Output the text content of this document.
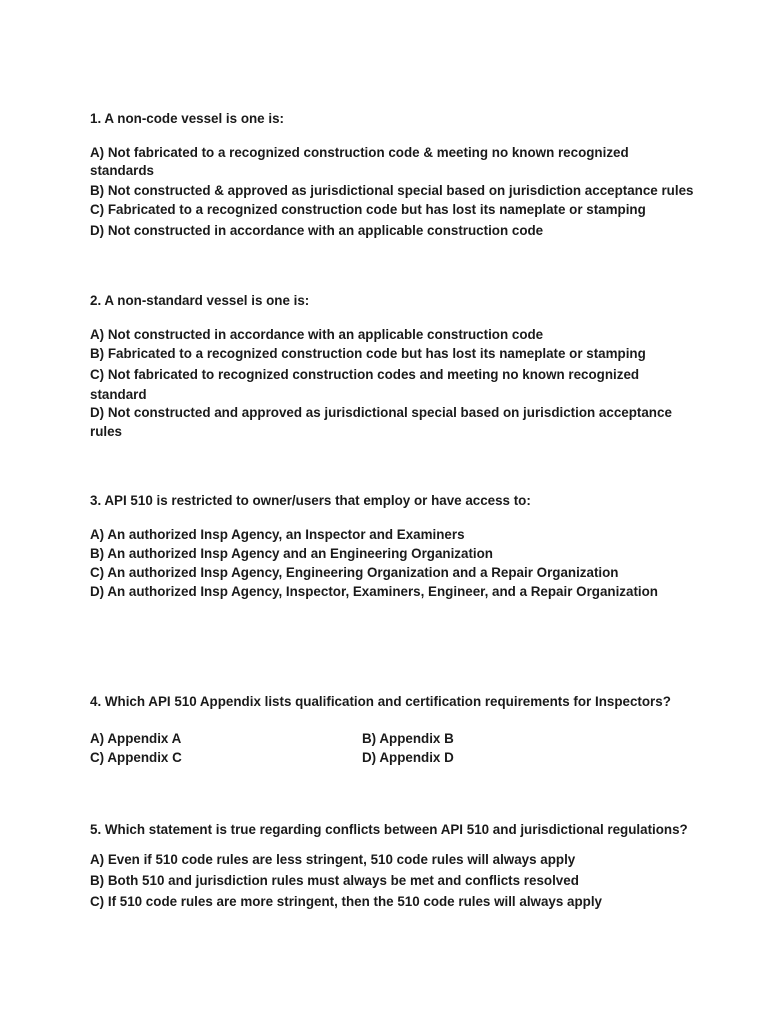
1. A non-code vessel is one is:
A) Not fabricated to a recognized construction code & meeting no known recognized
standards
B) Not constructed & approved as jurisdictional special based on jurisdiction acceptance rules
C) Fabricated to a recognized construction code but has lost its nameplate or stamping
D) Not constructed in accordance with an applicable construction code
2. A non-standard vessel is one is:
A) Not constructed in accordance with an applicable construction code
B) Fabricated to a recognized construction code but has lost its nameplate or stamping
C) Not fabricated to recognized construction codes and meeting no known recognized
standard
D) Not constructed and approved as jurisdictional special based on jurisdiction acceptance
rules
3. API 510 is restricted to owner/users that employ or have access to:
A) An authorized Insp Agency, an Inspector and Examiners
B) An authorized Insp Agency and an Engineering Organization
C) An authorized Insp Agency, Engineering Organization and a Repair Organization
D) An authorized Insp Agency, Inspector, Examiners, Engineer, and a Repair Organization
4. Which API 510 Appendix lists qualification and certification requirements for Inspectors?
A) Appendix A	B) Appendix B
C) Appendix C	D) Appendix D
5. Which statement is true regarding conflicts between API 510 and jurisdictional regulations?
A) Even if 510 code rules are less stringent, 510 code rules will always apply
B) Both 510 and jurisdiction rules must always be met and conflicts resolved
C) If 510 code rules are more stringent, then the 510 code rules will always apply
